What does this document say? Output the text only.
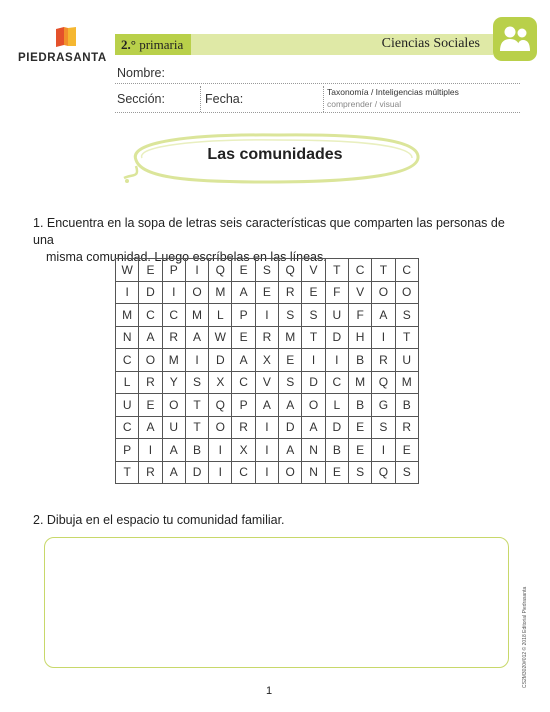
PIEDRASANTA
2.° primaria	Ciencias Sociales
Nombre:
Sección:	Fecha:	Taxonomía / Inteligencias múltiples
comprender / visual
Las comunidades
1. Encuentra en la sopa de letras seis características que comparten las personas de una
misma comunidad. Luego escríbelas en las líneas.
W	E	P	I	Q	E	S	Q	V	T	C	T	C
I	D	I	O	M	A	E	R	E	F	V	O	O
M	C	C	M	L	P	I	S	S	U	F	A	S
N	A	R	A	W	E	R	M	T	D	H	I	T
C	O	M	I	D	A	X	E	I	I	B	R	U
L	R	Y	S	X	C	V	S	D	C	M	Q	M
U	E	O	T	Q	P	A	A	O	L	B	G	B
C	A	U	T	O	R	I	D	A	D	E	S	R
P	I	A	B	I	X	I	A	N	B	E	I	E
T	R	A	D	I	C	I	O	N	E	S	Q	S
2. Dibuja en el espacio tu comunidad familiar.
CS2M3020#012 © 2018 Editorial Piedrasanta
1
